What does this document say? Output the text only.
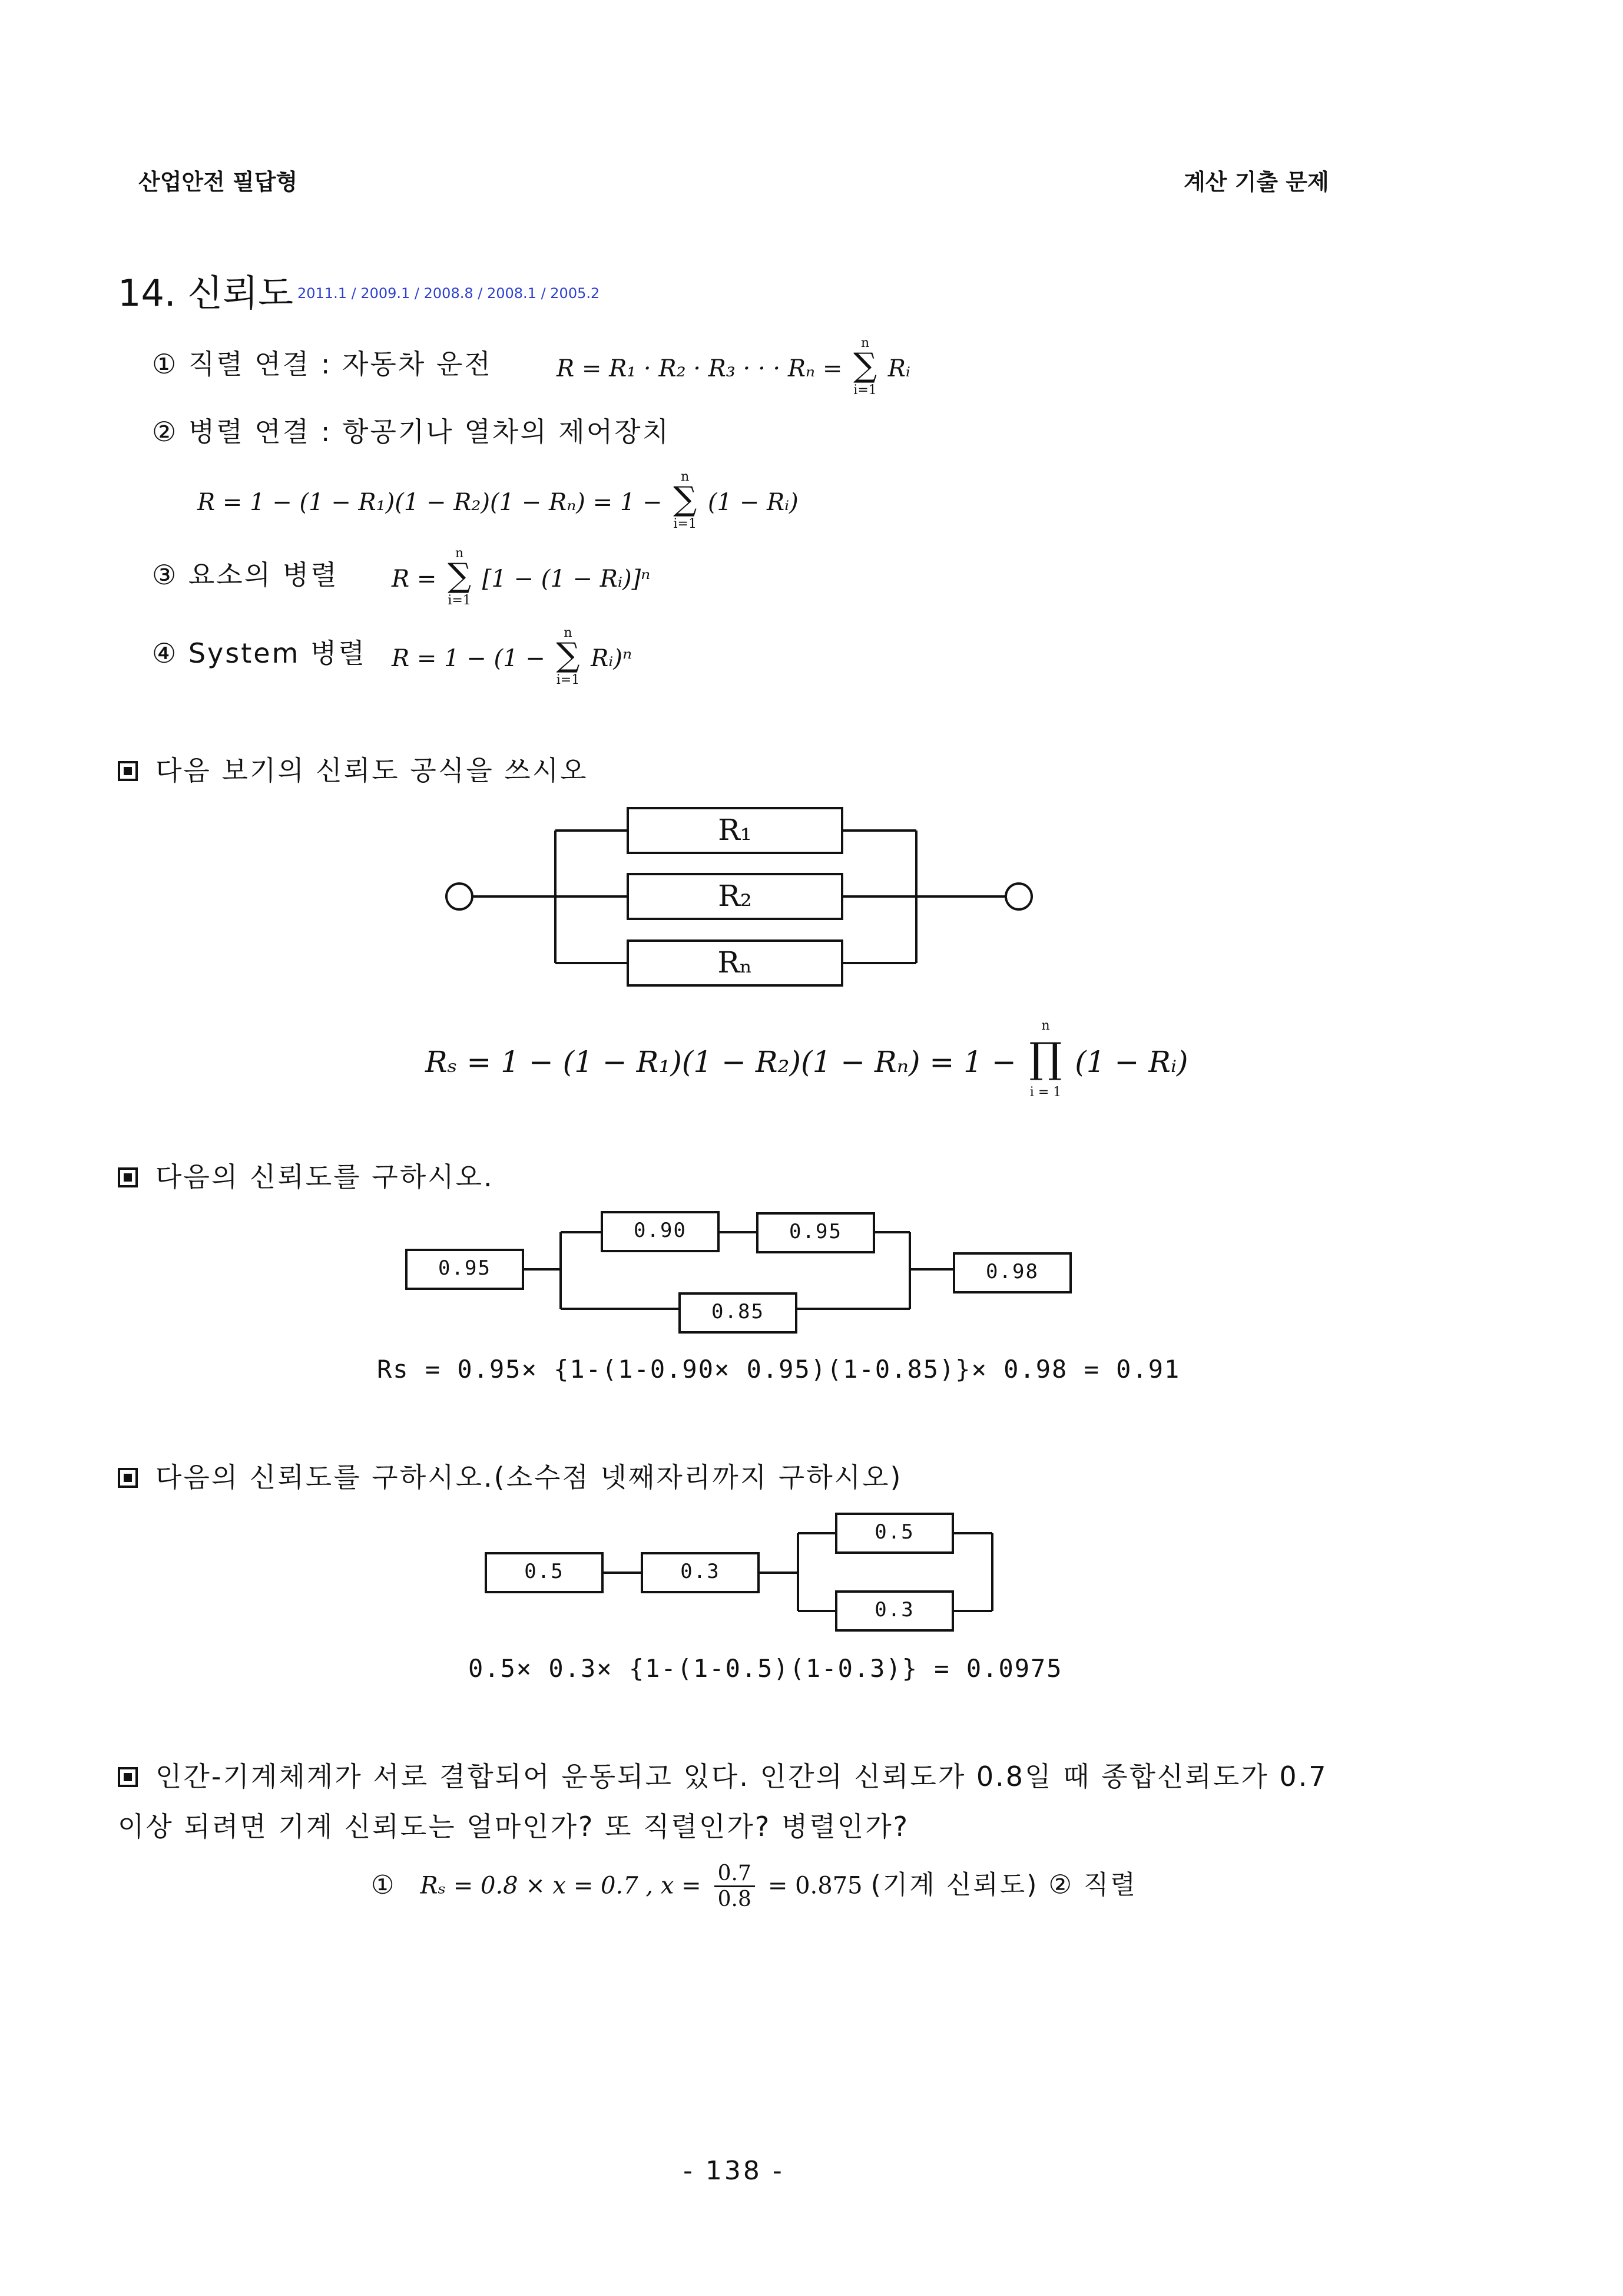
산업안전 필답형	계산 기출 문제
14. 신뢰도 2011.1 / 2009.1 / 2008.8 / 2008.1 / 2005.2
① 직렬 연결 : 자동차 운전	R = R₁ · R₂ · R₃ · · · Rₙ =
n
∑
i=1
Rᵢ
② 병렬 연결 : 항공기나 열차의 제어장치
R = 1 − (1 − R₁)(1 − R₂)(1 − Rₙ) = 1 −
n
∑
i=1
(1 − Rᵢ)
③ 요소의 병렬 R =
n
∑
i=1
[1 − (1 − Rᵢ)]ⁿ
④ System 병렬 R = 1 − (1 −
n
∑
i=1
Rᵢ)ⁿ
다음 보기의 신뢰도 공식을 쓰시오
R₁
R₂
Rₙ
Rₛ = 1 − (1 − R₁)(1 − R₂)(1 − Rₙ) = 1 −
n
∏
i = 1
(1 − Rᵢ)
다음의 신뢰도를 구하시오.
0.95
0.90	0.95
0.85
0.98
Rs = 0.95× {1-(1-0.90× 0.95)(1-0.85)}× 0.98 = 0.91
다음의 신뢰도를 구하시오.(소수점 넷째자리까지 구하시오)
0.5	0.3
0.5
0.3
0.5× 0.3× {1-(1-0.5)(1-0.3)} = 0.0975
인간-기계체계가 서로 결합되어 운동되고 있다. 인간의 신뢰도가 0.8일 때 종합신뢰도가 0.7
이상 되려면 기계 신뢰도는 얼마인가? 또 직렬인가? 병렬인가?
① Rₛ = 0.8 × x = 0.7 , $x = \frac{0.7}{0.8} = 0.875$ (기계 신뢰도) ② 직렬
- 138 -
